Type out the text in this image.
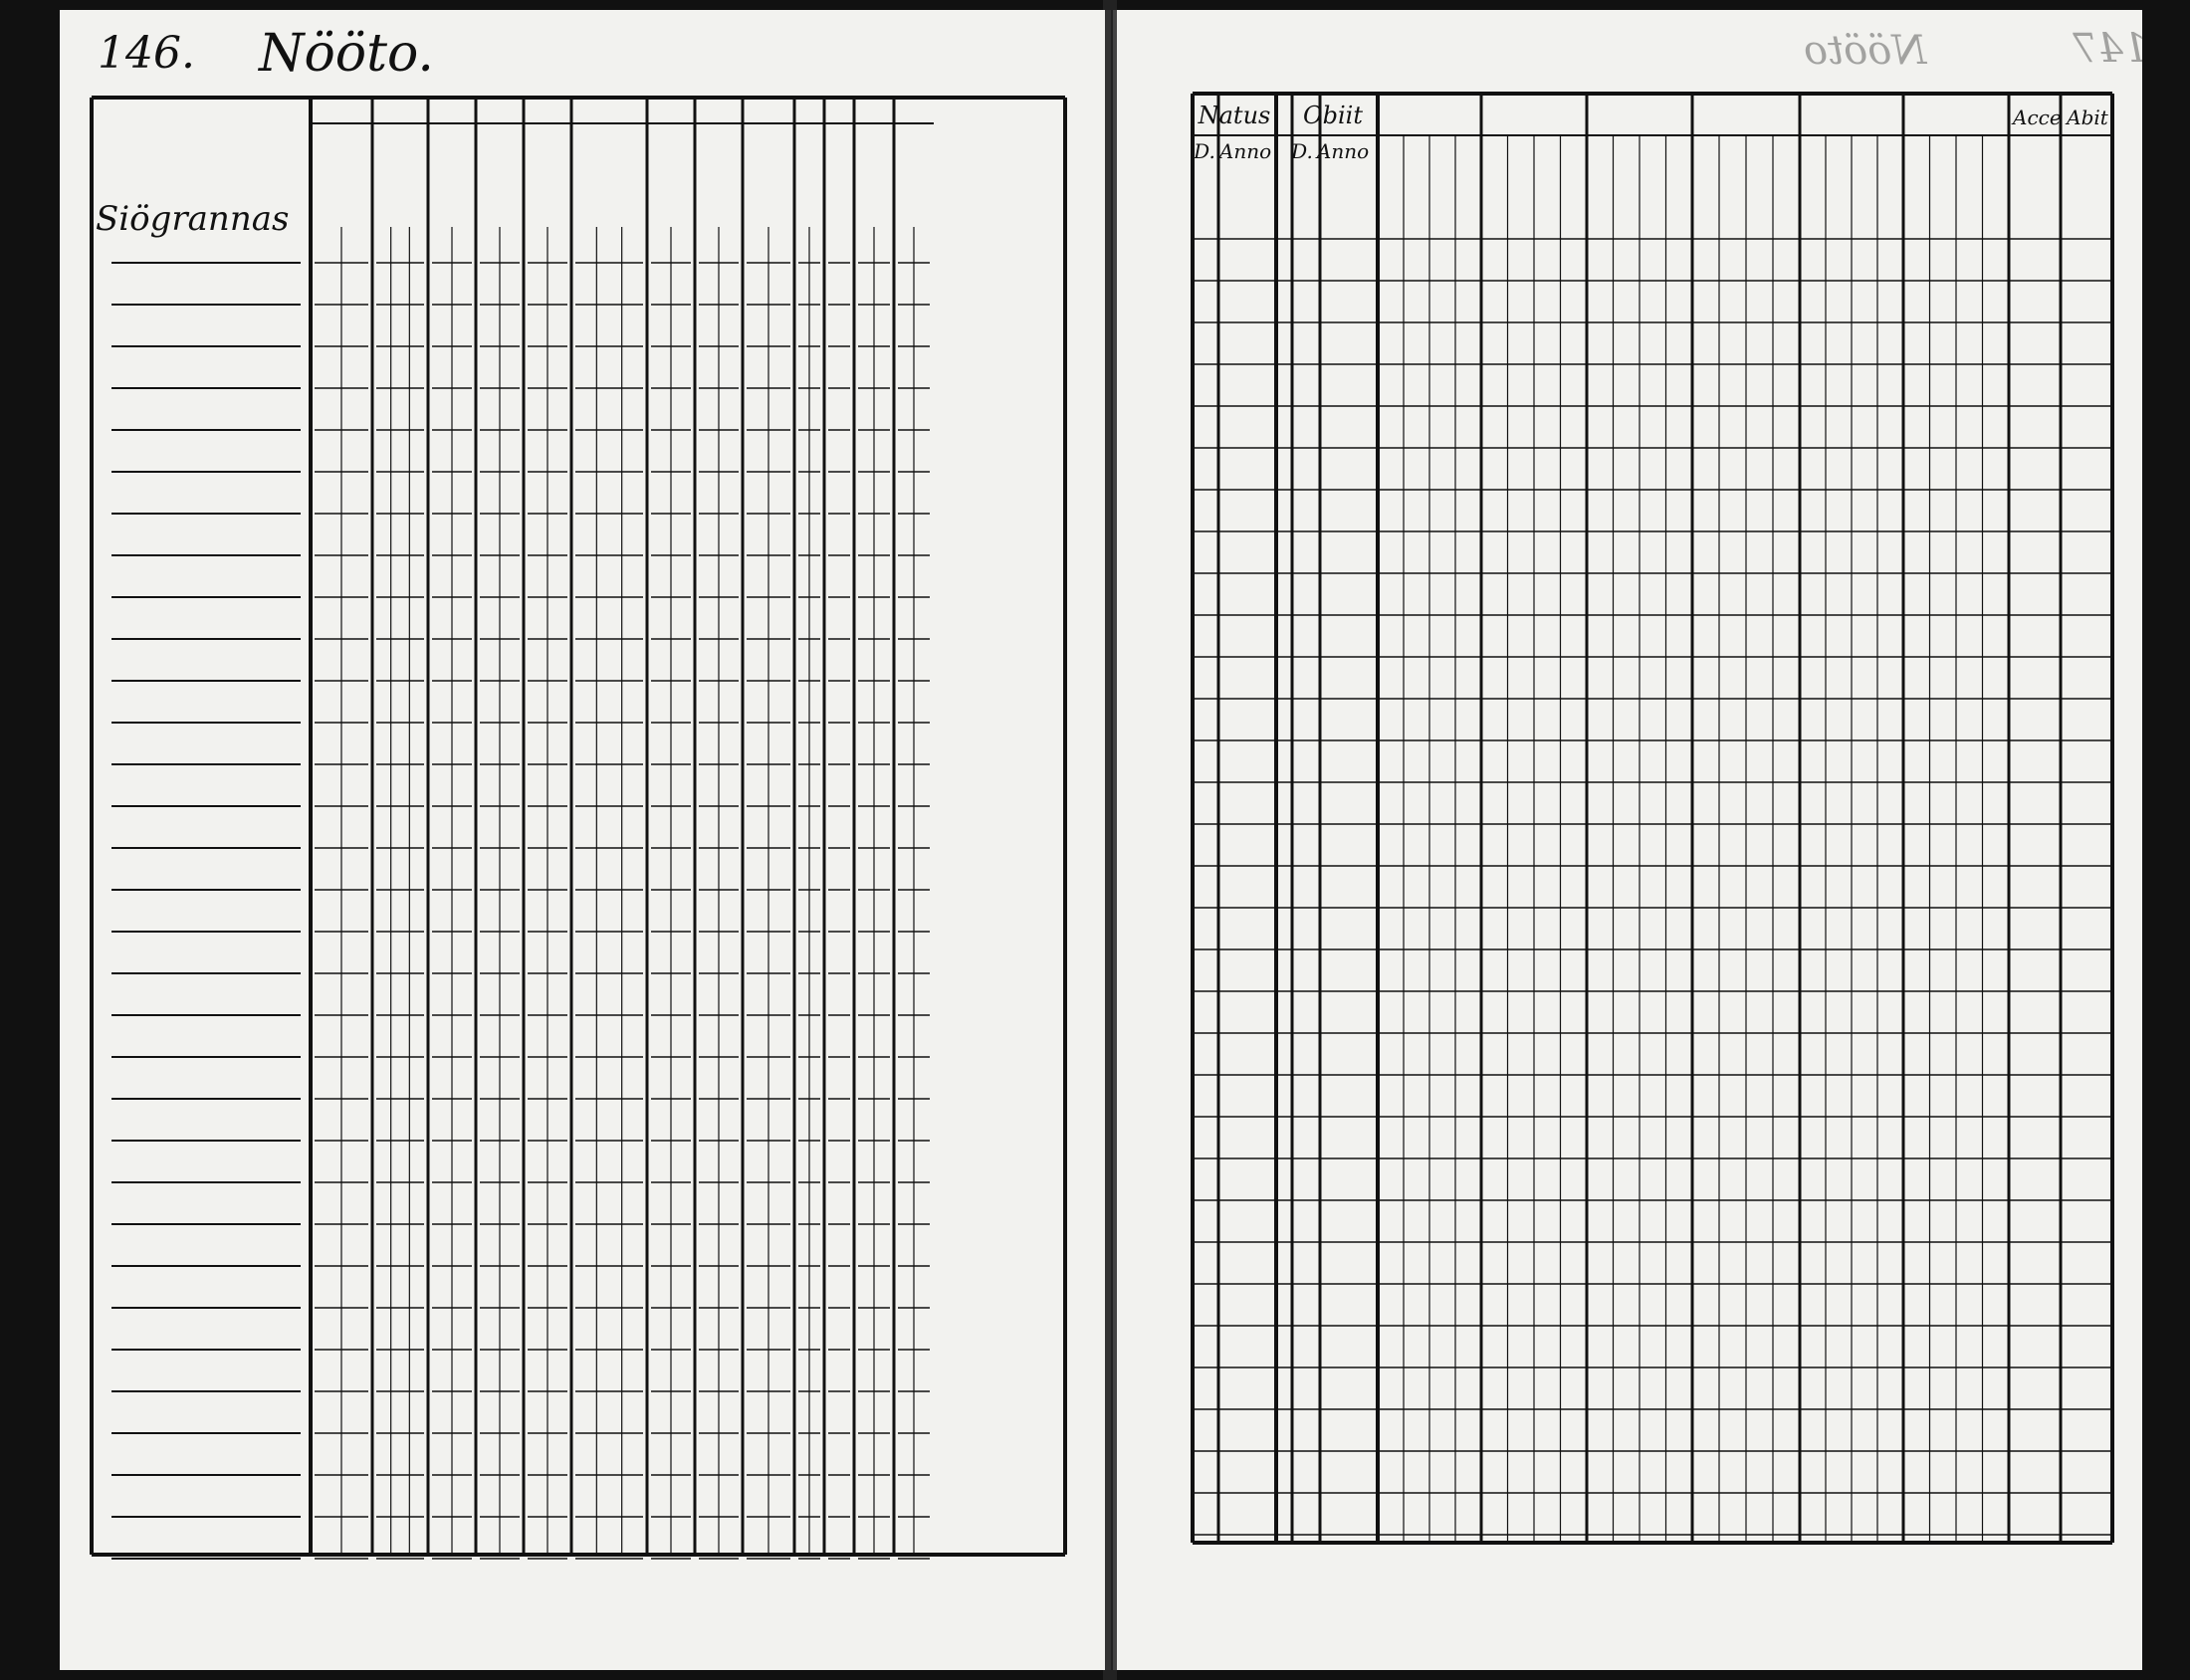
146. Nööto.
Siögrannas
147
Nööto
Natus	Obiit
D. Anno D. Anno
Acce Abit
